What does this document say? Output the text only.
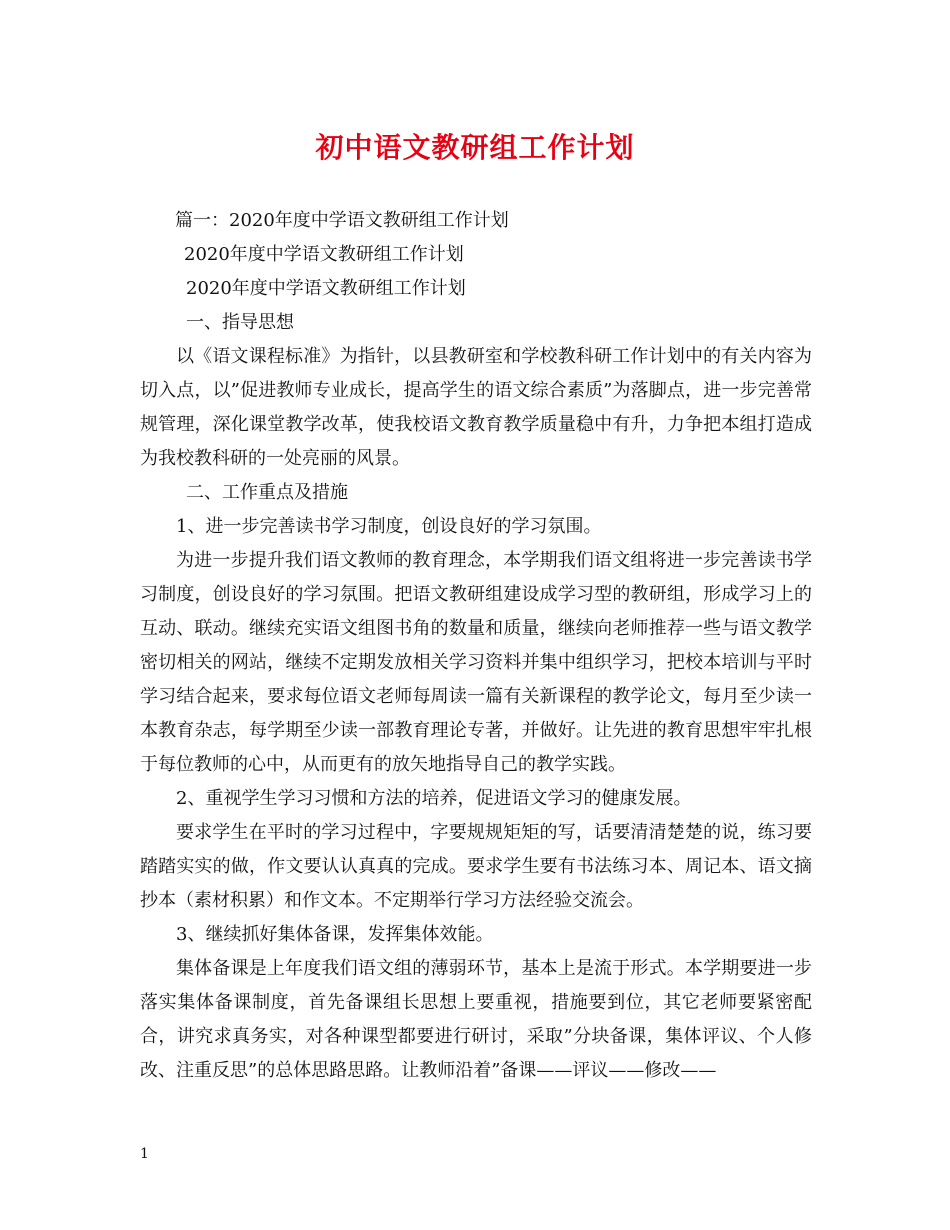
初中语文教研组工作计划

篇一：2020年度中学语文教研组工作计划

2020年度中学语文教研组工作计划

2020年度中学语文教研组工作计划

一、指导思想

以《语文课程标准》为指针，以县教研室和学校教科研工作计划中的有关内容为切入点，以”促进教师专业成长，提高学生的语文综合素质”为落脚点，进一步完善常规管理，深化课堂教学改革，使我校语文教育教学质量稳中有升，力争把本组打造成为我校教科研的一处亮丽的风景。

二、工作重点及措施

1、进一步完善读书学习制度，创设良好的学习氛围。

为进一步提升我们语文教师的教育理念，本学期我们语文组将进一步完善读书学习制度，创设良好的学习氛围。把语文教研组建设成学习型的教研组，形成学习上的互动、联动。继续充实语文组图书角的数量和质量，继续向老师推荐一些与语文教学密切相关的网站，继续不定期发放相关学习资料并集中组织学习，把校本培训与平时学习结合起来，要求每位语文老师每周读一篇有关新课程的教学论文，每月至少读一本教育杂志，每学期至少读一部教育理论专著，并做好。让先进的教育思想牢牢扎根于每位教师的心中，从而更有的放矢地指导自己的教学实践。

2、重视学生学习习惯和方法的培养，促进语文学习的健康发展。

要求学生在平时的学习过程中，字要规规矩矩的写，话要清清楚楚的说，练习要踏踏实实的做，作文要认认真真的完成。要求学生要有书法练习本、周记本、语文摘抄本（素材积累）和作文本。不定期举行学习方法经验交流会。

3、继续抓好集体备课，发挥集体效能。

集体备课是上年度我们语文组的薄弱环节，基本上是流于形式。本学期要进一步落实集体备课制度，首先备课组长思想上要重视，措施要到位，其它老师要紧密配合，讲究求真务实，对各种课型都要进行研讨，采取”分块备课，集体评议、个人修改、注重反思”的总体思路思路。让教师沿着”备课——评议——修改——

1
